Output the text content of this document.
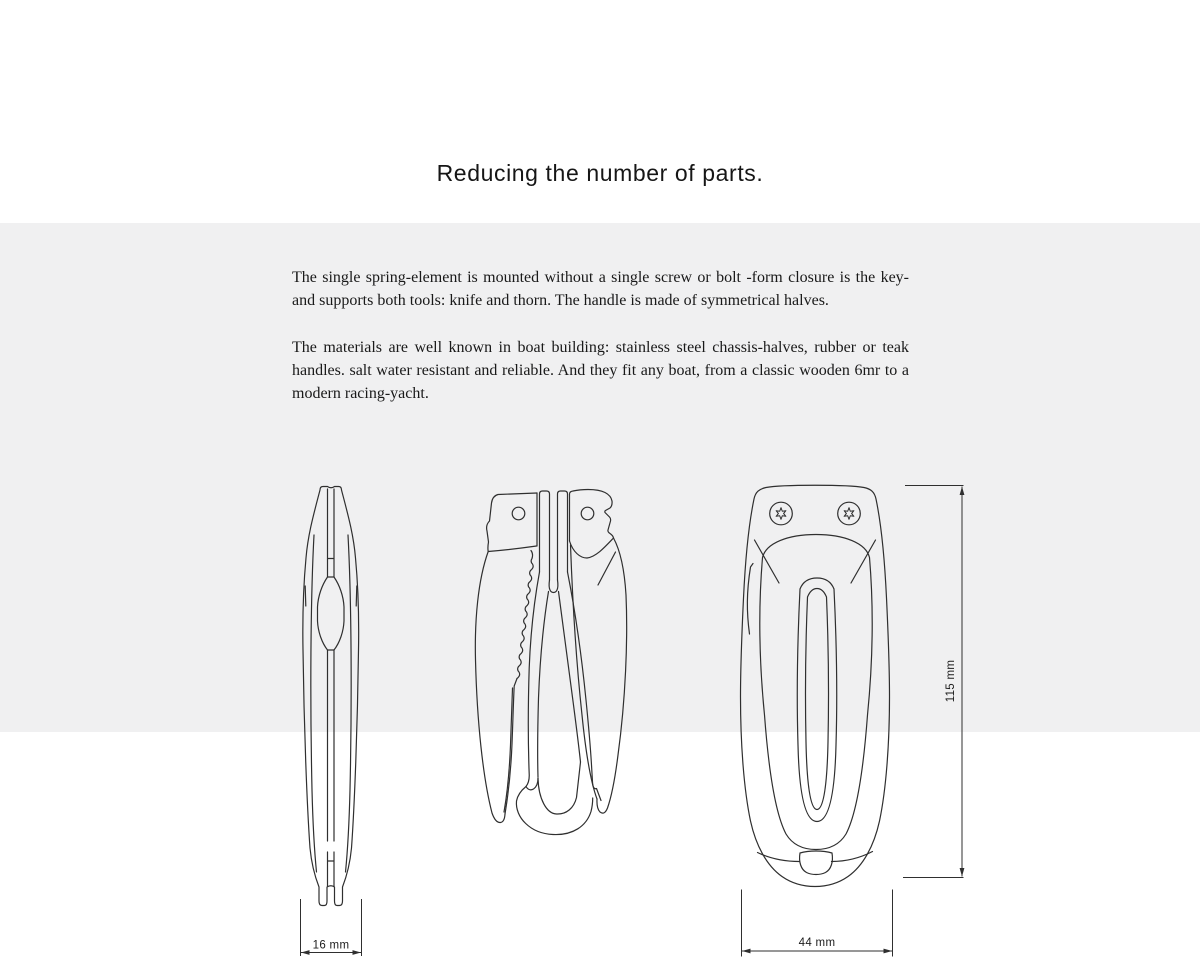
Reducing the number of parts.

The single spring-element is mounted without a single screw or bolt -form closure is the key- and supports both tools: knife and thorn. The handle is made of symmetrical halves.

The materials are well known in boat building: stainless steel chassis-halves, rubber or teak handles. salt water resistant and reliable. And they fit any boat, from a classic wooden 6mr to a modern racing-yacht.

16 mm	44 mm
115 mm
